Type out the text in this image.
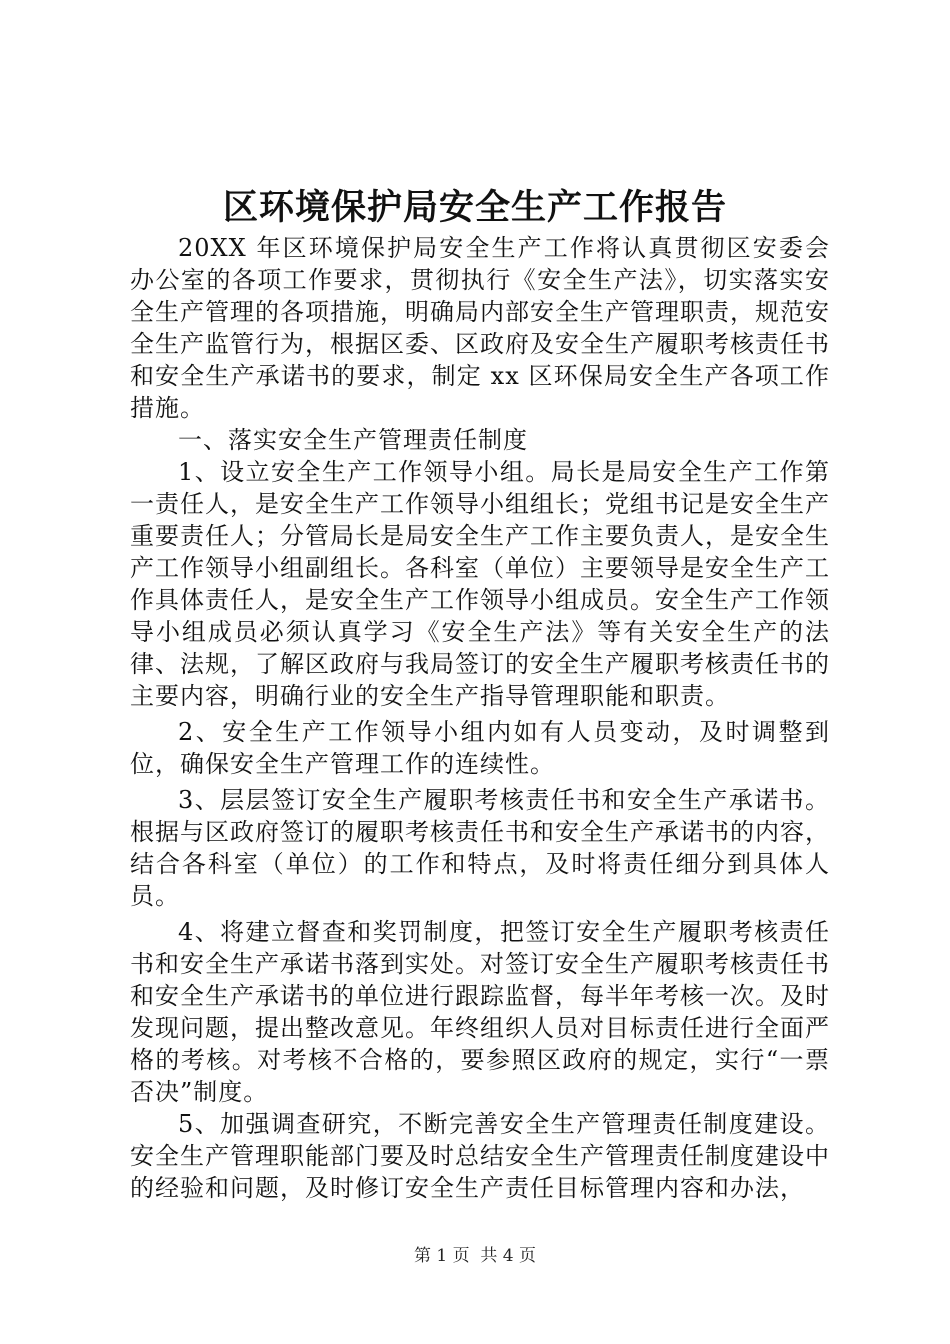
区环境保护局安全生产工作报告

20XX 年区环境保护局安全生产工作将认真贯彻区安委会办公室的各项工作要求，贯彻执行《安全生产法》，切实落实安全生产管理的各项措施，明确局内部安全生产管理职责，规范安全生产监管行为，根据区委、区政府及安全生产履职考核责任书和安全生产承诺书的要求，制定 xx 区环保局安全生产各项工作措施。

一、落实安全生产管理责任制度

1、设立安全生产工作领导小组。局长是局安全生产工作第一责任人，是安全生产工作领导小组组长；党组书记是安全生产重要责任人；分管局长是局安全生产工作主要负责人，是安全生产工作领导小组副组长。各科室（单位）主要领导是安全生产工作具体责任人，是安全生产工作领导小组成员。安全生产工作领导小组成员必须认真学习《安全生产法》等有关安全生产的法律、法规，了解区政府与我局签订的安全生产履职考核责任书的主要内容，明确行业的安全生产指导管理职能和职责。

2、安全生产工作领导小组内如有人员变动，及时调整到位，确保安全生产管理工作的连续性。

3、层层签订安全生产履职考核责任书和安全生产承诺书。根据与区政府签订的履职考核责任书和安全生产承诺书的内容，结合各科室（单位）的工作和特点，及时将责任细分到具体人员。

4、将建立督查和奖罚制度，把签订安全生产履职考核责任书和安全生产承诺书落到实处。对签订安全生产履职考核责任书和安全生产承诺书的单位进行跟踪监督，每半年考核一次。及时发现问题，提出整改意见。年终组织人员对目标责任进行全面严格的考核。对考核不合格的，要参照区政府的规定，实行“一票否决”制度。

5、加强调查研究，不断完善安全生产管理责任制度建设。安全生产管理职能部门要及时总结安全生产管理责任制度建设中的经验和问题，及时修订安全生产责任目标管理内容和办法，

第 1 页  共 4 页
